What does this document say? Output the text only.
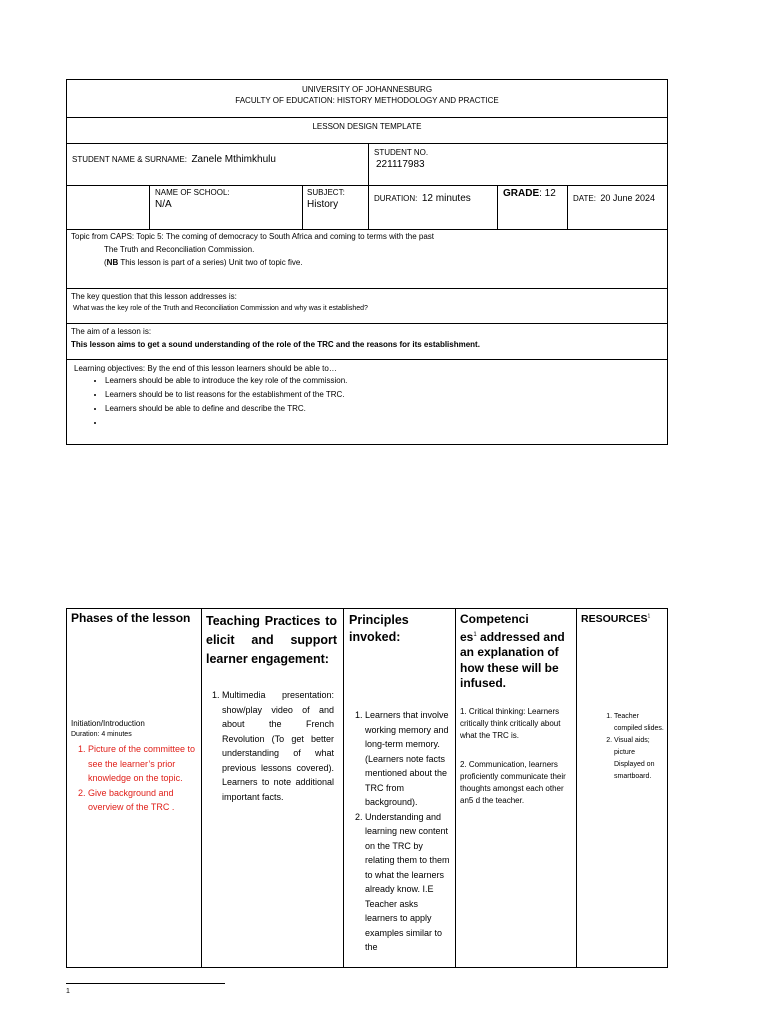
UNIVERSITY OF JOHANNESBURG
FACULTY OF EDUCATION: HISTORY METHODOLOGY AND PRACTICE
LESSON DESIGN TEMPLATE
STUDENT NAME & SURNAME: Zanele Mthimkhulu
STUDENT NO.
221117983
NAME OF SCHOOL:
N/A
SUBJECT:
History
DURATION: 12 minutes	GRADE: 12 DATE: 20 June 2024
Topic from CAPS: Topic 5: The coming of democracy to South Africa and coming to terms with the past
The Truth and Reconciliation Commission.
(NB This lesson is part of a series) Unit two of topic five.
The key question that this lesson addresses is:
What was the key role of the Truth and Reconciliation Commission and why was it established?
The aim of a lesson is:
This lesson aims to get a sound understanding of the role of the TRC and the reasons for its establishment.
Learning objectives: By the end of this lesson learners should be able to…
• Learners should be able to introduce the key role of the commission.
• Learners should be to list reasons for the establishment of the TRC.
• Learners should be able to define and describe the TRC.
•
Phases of the lesson
Initiation/Introduction
Duration: 4 minutes
1. Picture of the committee to see the learner’s prior knowledge on the topic.
2. Give background and overview of the TRC .
Teaching Practices to elicit and support learner engagement:
1. Multimedia presentation: show/play video of and about the French Revolution (To get better understanding of what previous lessons covered). Learners to note additional important facts.
Principles invoked:
1. Learners that involve working memory and long-term memory. (Learners note facts mentioned about the TRC from background).
2. Understanding and learning new content on the TRC by relating them to them to what the learners already know. I.E Teacher asks learners to apply examples similar to the
Competenci
$es^1$ addressed and an explanation of how these will be infused.
1. Critical thinking: Learners critically think critically about what the TRC is.
2. Communication, learners proficiently communicate their thoughts amongst each other an5 d the teacher.
RESOURCES$^1$
1. Teacher compiled slides.
2. Visual aids; picture Displayed on smartboard.
1
